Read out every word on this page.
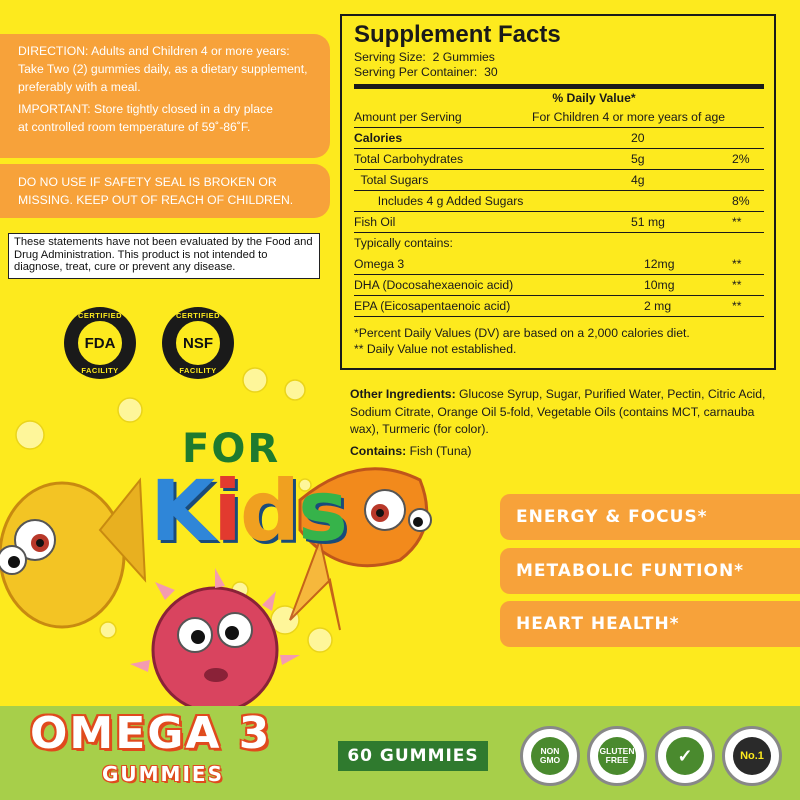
DIRECTION: Adults and Children 4 or more years:

Take Two (2) gummies daily, as a dietary supplement,

preferably with a meal.

IMPORTANT: Store tightly closed in a dry place

at controlled room temperature of 59˚-86˚F.

DO NO USE IF SAFETY SEAL IS BROKEN OR

MISSING. KEEP OUT OF REACH OF CHILDREN.

These statements have not been evaluated by the Food and Drug Administration. This product is not intended to diagnose, treat, cure or prevent any disease.
CERTIFIED
FDA
FACILITY
CERTIFIED
NSF
FACILITY
FOR
Kids
Supplement Facts
Serving Size: 2 Gummies
Serving Per Container: 30
% Daily Value*
Amount per Serving	For Children 4 or more years of age
Calories	20
Total Carbohydrates	5g	2%
Total Sugars	4g
Includes 4 g Added Sugars	8%
Fish Oil	51 mg	**
Typically contains:
Omega 3	12mg	**
DHA (Docosahexaenoic acid)	10mg	**
EPA (Eicosapentaenoic acid)	2 mg	**
*Percent Daily Values (DV) are based on a 2,000 calories diet.
** Daily Value not established.
Other Ingredients: Glucose Syrup, Sugar, Purified Water, Pectin, Citric Acid, Sodium Citrate, Orange Oil 5-fold, Vegetable Oils (contains MCT, carnauba wax), Turmeric (for color).
Contains: Fish (Tuna)
ENERGY & FOCUS*
METABOLIC FUNTION*
HEART HEALTH*
OMEGA 3
GUMMIES
60 GUMMIES	NON GMO
GLUTEN FREE	✓	No.1
